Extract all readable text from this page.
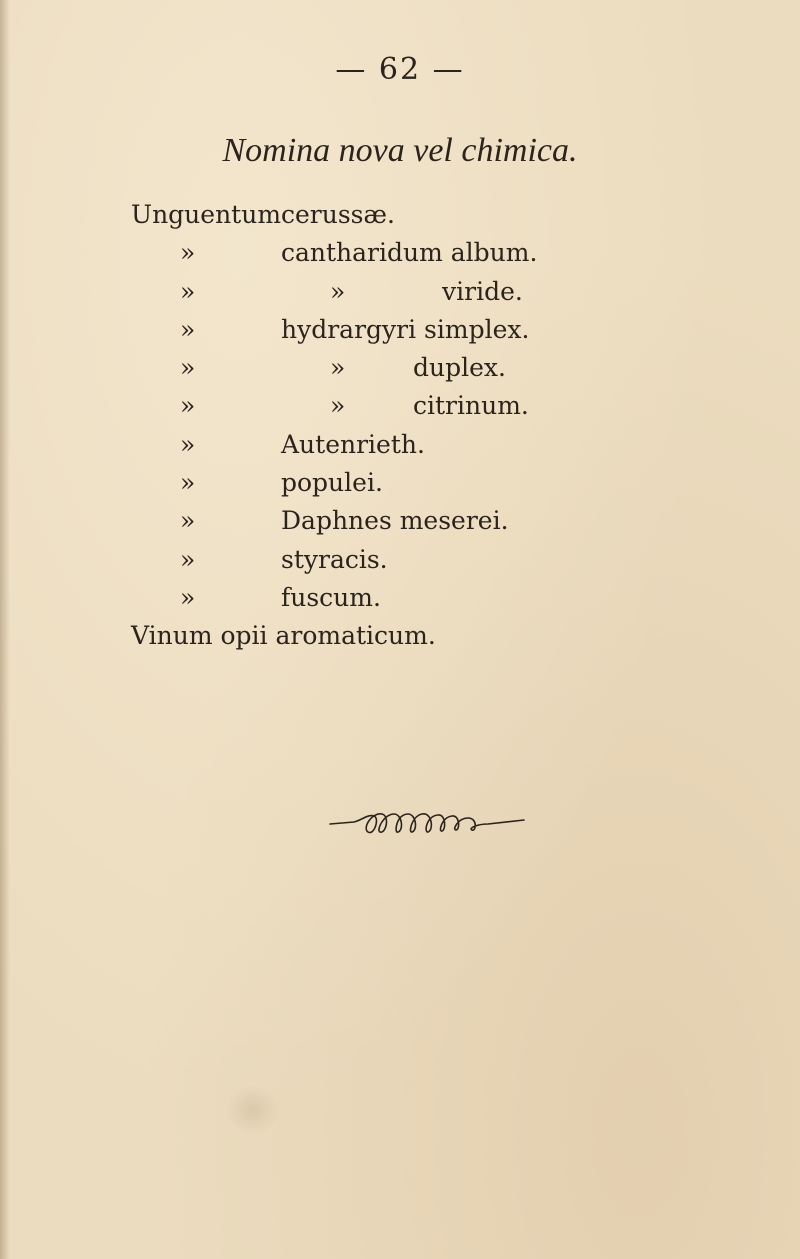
— 62 —
Nomina nova vel chimica.
Unguentum cerussæ.
»	cantharidum album.
»	»	viride.
»	hydrargyri simplex.
»	»	duplex.
»	»	citrinum.
»	Autenrieth.
»	populei.
»	Daphnes meserei.
»	styracis.
»	fuscum.
Vinum opii aromaticum.
